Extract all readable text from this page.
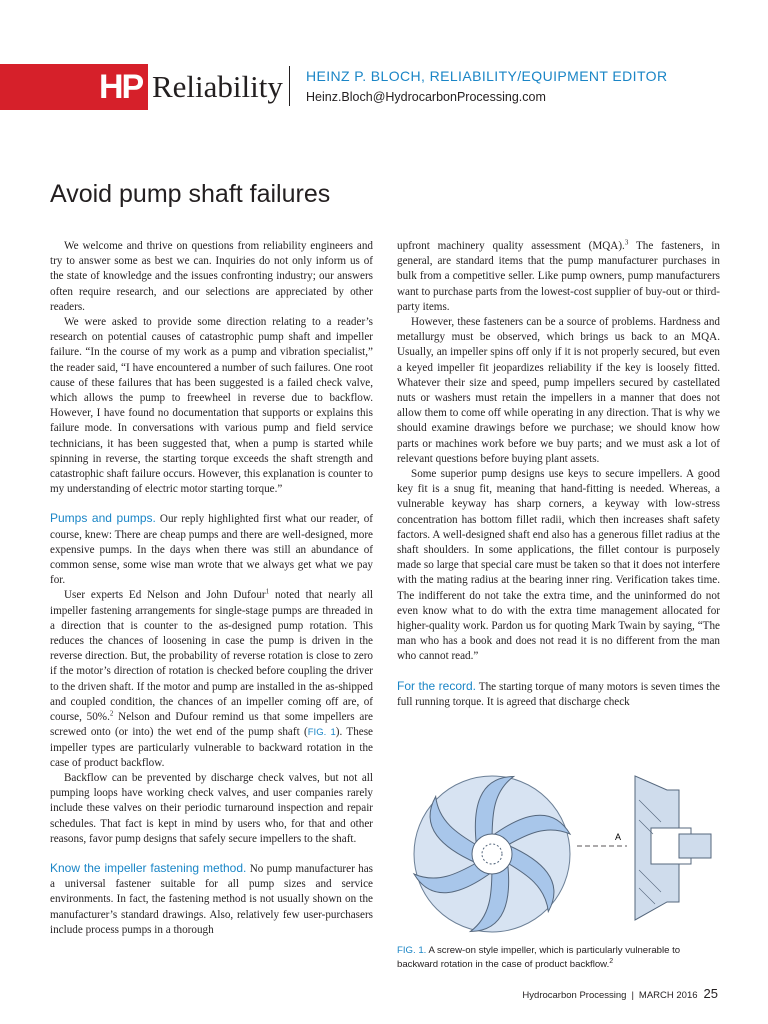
HP Reliability HEINZ P. BLOCH, RELIABILITY/EQUIPMENT EDITOR
Heinz.Bloch@HydrocarbonProcessing.com
Avoid pump shaft failures

We welcome and thrive on questions from reliability engineers and try to answer some as best we can. Inquiries do not only inform us of the state of knowledge and the issues confronting industry; our answers often require research, and our selections are appreciated by other readers.

We were asked to provide some direction relating to a reader’s research on potential causes of catastrophic pump shaft and impeller failure. “In the course of my work as a pump and vibration specialist,” the reader said, “I have encountered a number of such failures. One root cause of these failures that has been suggested is a failed check valve, which allows the pump to freewheel in reverse due to backflow. However, I have found no documentation that supports or explains this failure mode. In conversations with various pump and field service technicians, it has been suggested that, when a pump is started while spinning in reverse, the starting torque exceeds the shaft strength and catastrophic shaft failure occurs. However, this explanation is counter to my understanding of electric motor starting torque.”

Pumps and pumps. Our reply highlighted first what our reader, of course, knew: There are cheap pumps and there are well-designed, more expensive pumps. In the days when there was still an abundance of common sense, some wise man wrote that we always get what we pay for.

User experts Ed Nelson and John Dufour$^1$ noted that nearly all impeller fastening arrangements for single-stage pumps are threaded in a direction that is counter to the as-designed pump rotation. This reduces the chances of loosening in case the pump is driven in the reverse direction. But, the probability of reverse rotation is close to zero if the motor’s direction of rotation is checked before coupling the driver to the driven shaft. If the motor and pump are installed in the as-shipped and coupled condition, the chances of an impeller coming off are, of course, 50%.$^2$ Nelson and Dufour remind us that some impellers are screwed onto (or into) the wet end of the pump shaft (FIG. 1). These impeller types are particularly vulnerable to backward rotation in the case of product backflow.

Backflow can be prevented by discharge check valves, but not all pumping loops have working check valves, and user companies rarely include these valves on their periodic turnaround inspection and repair schedules. That fact is kept in mind by users who, for that and other reasons, favor pump designs that safely secure impellers to the shaft.

Know the impeller fastening method. No pump manufacturer has a universal fastener suitable for all pump sizes and service environments. In fact, the fastening method is not usually shown on the manufacturer’s standard drawings. Also, relatively few user-purchasers include process pumps in a thorough

upfront machinery quality assessment (MQA).$^3$ The fasteners, in general, are standard items that the pump manufacturer purchases in bulk from a competitive seller. Like pump owners, pump manufacturers want to purchase parts from the lowest-cost supplier of buy-out or third-party items.

However, these fasteners can be a source of problems. Hardness and metallurgy must be observed, which brings us back to an MQA. Usually, an impeller spins off only if it is not properly secured, but even a keyed impeller fit jeopardizes reliability if the key is loosely fitted. Whatever their size and speed, pump impellers secured by castellated nuts or washers must retain the impellers in a manner that does not allow them to come off while operating in any direction. That is why we should examine drawings before we purchase; we should know how parts or machines work before we buy parts; and we must ask a lot of relevant questions before buying plant assets.

Some superior pump designs use keys to secure impellers. A good key fit is a snug fit, meaning that hand-fitting is needed. Whereas, a vulnerable keyway has sharp corners, a keyway with low-stress concentration has bottom fillet radii, which then increases shaft safety factors. A well-designed shaft end also has a generous fillet radius at the shaft shoulders. In some applications, the fillet contour is purposely made so large that special care must be taken so that it does not interfere with the mating radius at the bearing inner ring. Verification takes time. The indifferent do not take the extra time, and the uninformed do not even know what to do with the extra time management allocated for higher-quality work. Pardon us for quoting Mark Twain by saying, “The man who has a book and does not read it is no different from the man who cannot read.”

For the record. The starting torque of many motors is seven times the full running torque. It is agreed that discharge check

A
FIG. 1. A screw-on style impeller, which is particularly vulnerable to backward rotation in the case of product backflow.$^2$
Hydrocarbon Processing | MARCH 2016 25
